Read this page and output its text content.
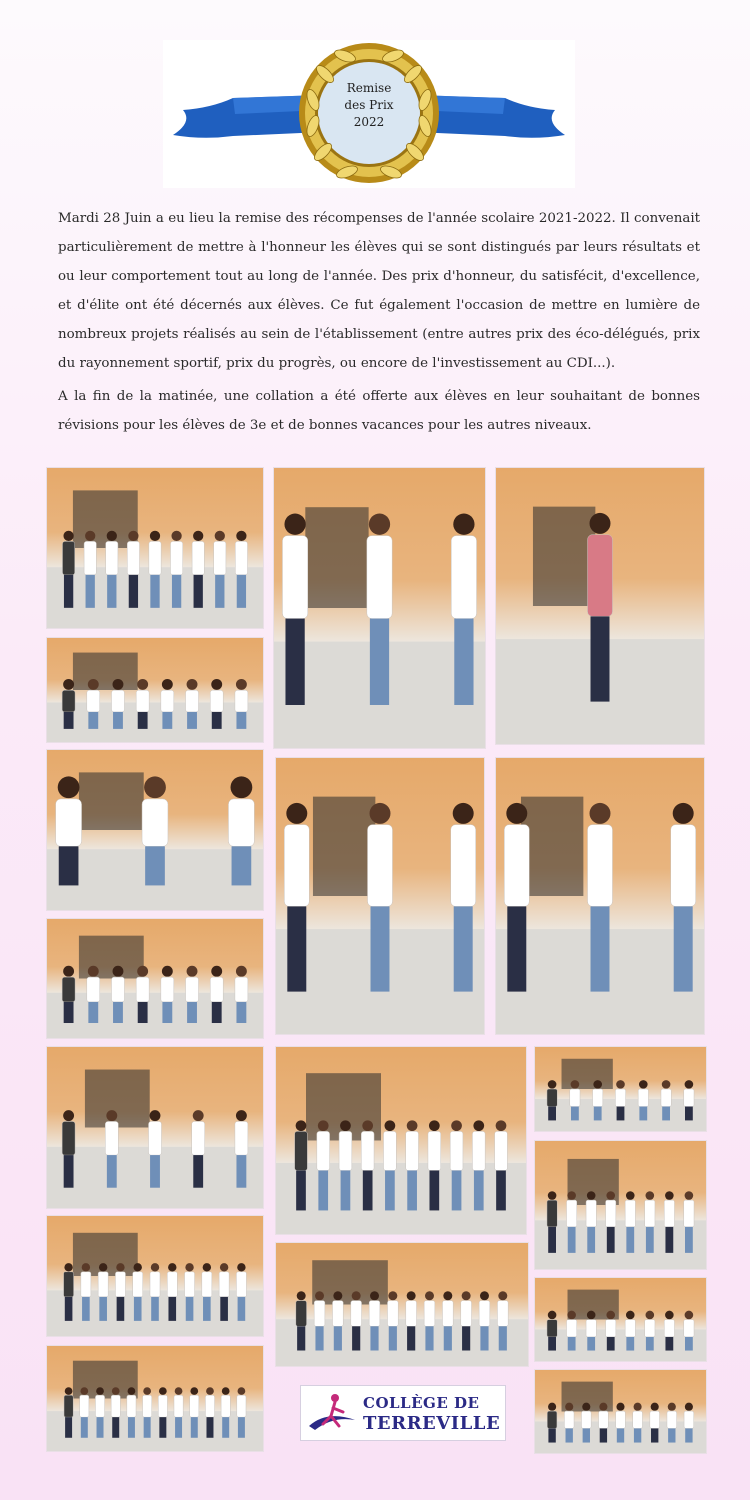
Remise
des Prix
2022

Mardi 28 Juin a eu lieu la remise des récompenses de l'année scolaire 2021-2022. Il convenait particulièrement de mettre à l'honneur les élèves qui se sont distingués par leurs résultats et ou leur comportement tout au long de l'année. Des prix d'honneur, du satisfécit, d'excellence, et d'élite ont été décernés aux élèves. Ce fut également l'occasion de mettre en lumière de nombreux projets réalisés au sein de l'établissement (entre autres prix des éco-délégués, prix du rayonnement sportif, prix du progrès, ou encore de l'investissement au CDI...).

A la fin de la matinée, une collation a été offerte aux élèves en leur souhaitant de bonnes révisions pour les élèves de 3e et de bonnes vacances pour les autres niveaux.

COLLÈGE DE
TERREVILLE
